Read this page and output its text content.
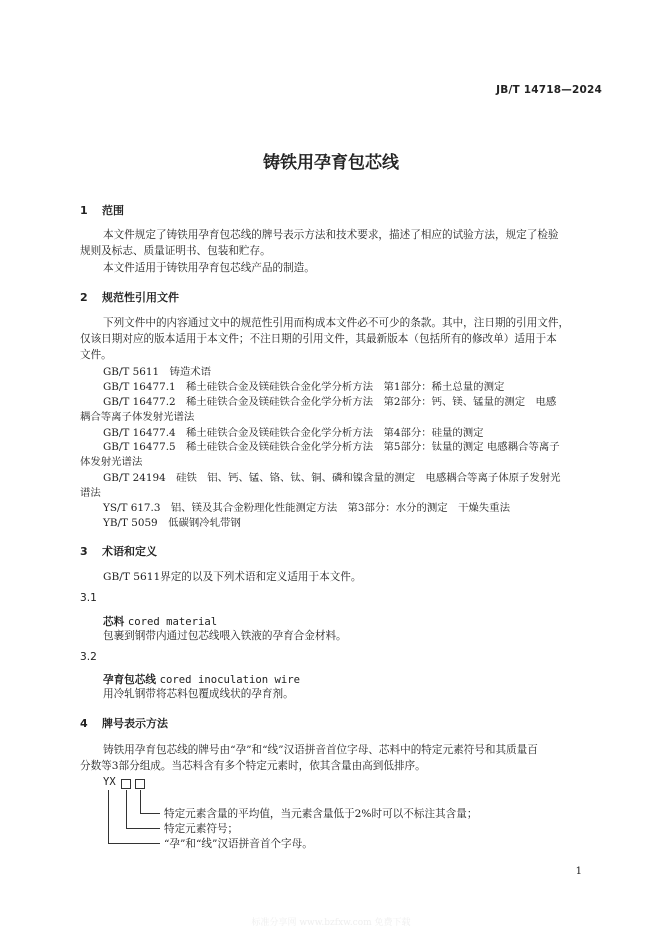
JB/T 14718—2024
铸铁用孕育包芯线
1 范围
本文件规定了铸铁用孕育包芯线的牌号表示方法和技术要求，描述了相应的试验方法，规定了检验
规则及标志、质量证明书、包装和贮存。
本文件适用于铸铁用孕育包芯线产品的制造。
2 规范性引用文件
下列文件中的内容通过文中的规范性引用而构成本文件必不可少的条款。其中，注日期的引用文件，
仅该日期对应的版本适用于本文件；不注日期的引用文件，其最新版本（包括所有的修改单）适用于本
文件。
GB/T 5611　铸造术语
GB/T 16477.1　稀土硅铁合金及镁硅铁合金化学分析方法　第1部分：稀土总量的测定
GB/T 16477.2　稀土硅铁合金及镁硅铁合金化学分析方法　第2部分：钙、镁、锰量的测定　电感
耦合等离子体发射光谱法
GB/T 16477.4　稀土硅铁合金及镁硅铁合金化学分析方法　第4部分：硅量的测定
GB/T 16477.5　稀土硅铁合金及镁硅铁合金化学分析方法　第5部分：钛量的测定 电感耦合等离子
体发射光谱法
GB/T 24194　硅铁　铝、钙、锰、铬、钛、铜、磷和镍含量的测定　电感耦合等离子体原子发射光
谱法
YS/T 617.3　铝、镁及其合金粉理化性能测定方法　第3部分：水分的测定　干燥失重法
YB/T 5059　低碳钢冷轧带钢
3 术语和定义
GB/T 5611界定的以及下列术语和定义适用于本文件。
3.1
芯料 cored material
包裹到钢带内通过包芯线喂入铁液的孕育合金材料。
3.2
孕育包芯线 cored inoculation wire
用冷轧钢带将芯料包覆成线状的孕育剂。
4 牌号表示方法
铸铁用孕育包芯线的牌号由“孕”和“线”汉语拼音首位字母、芯料中的特定元素符号和其质量百
分数等3部分组成。当芯料含有多个特定元素时，依其含量由高到低排序。
YX
特定元素含量的平均值，当元素含量低于2%时可以不标注其含量；
特定元素符号；
“孕”和“线”汉语拼音首个字母。
1
标准分享网 www.bzfxw.com 免费下载
